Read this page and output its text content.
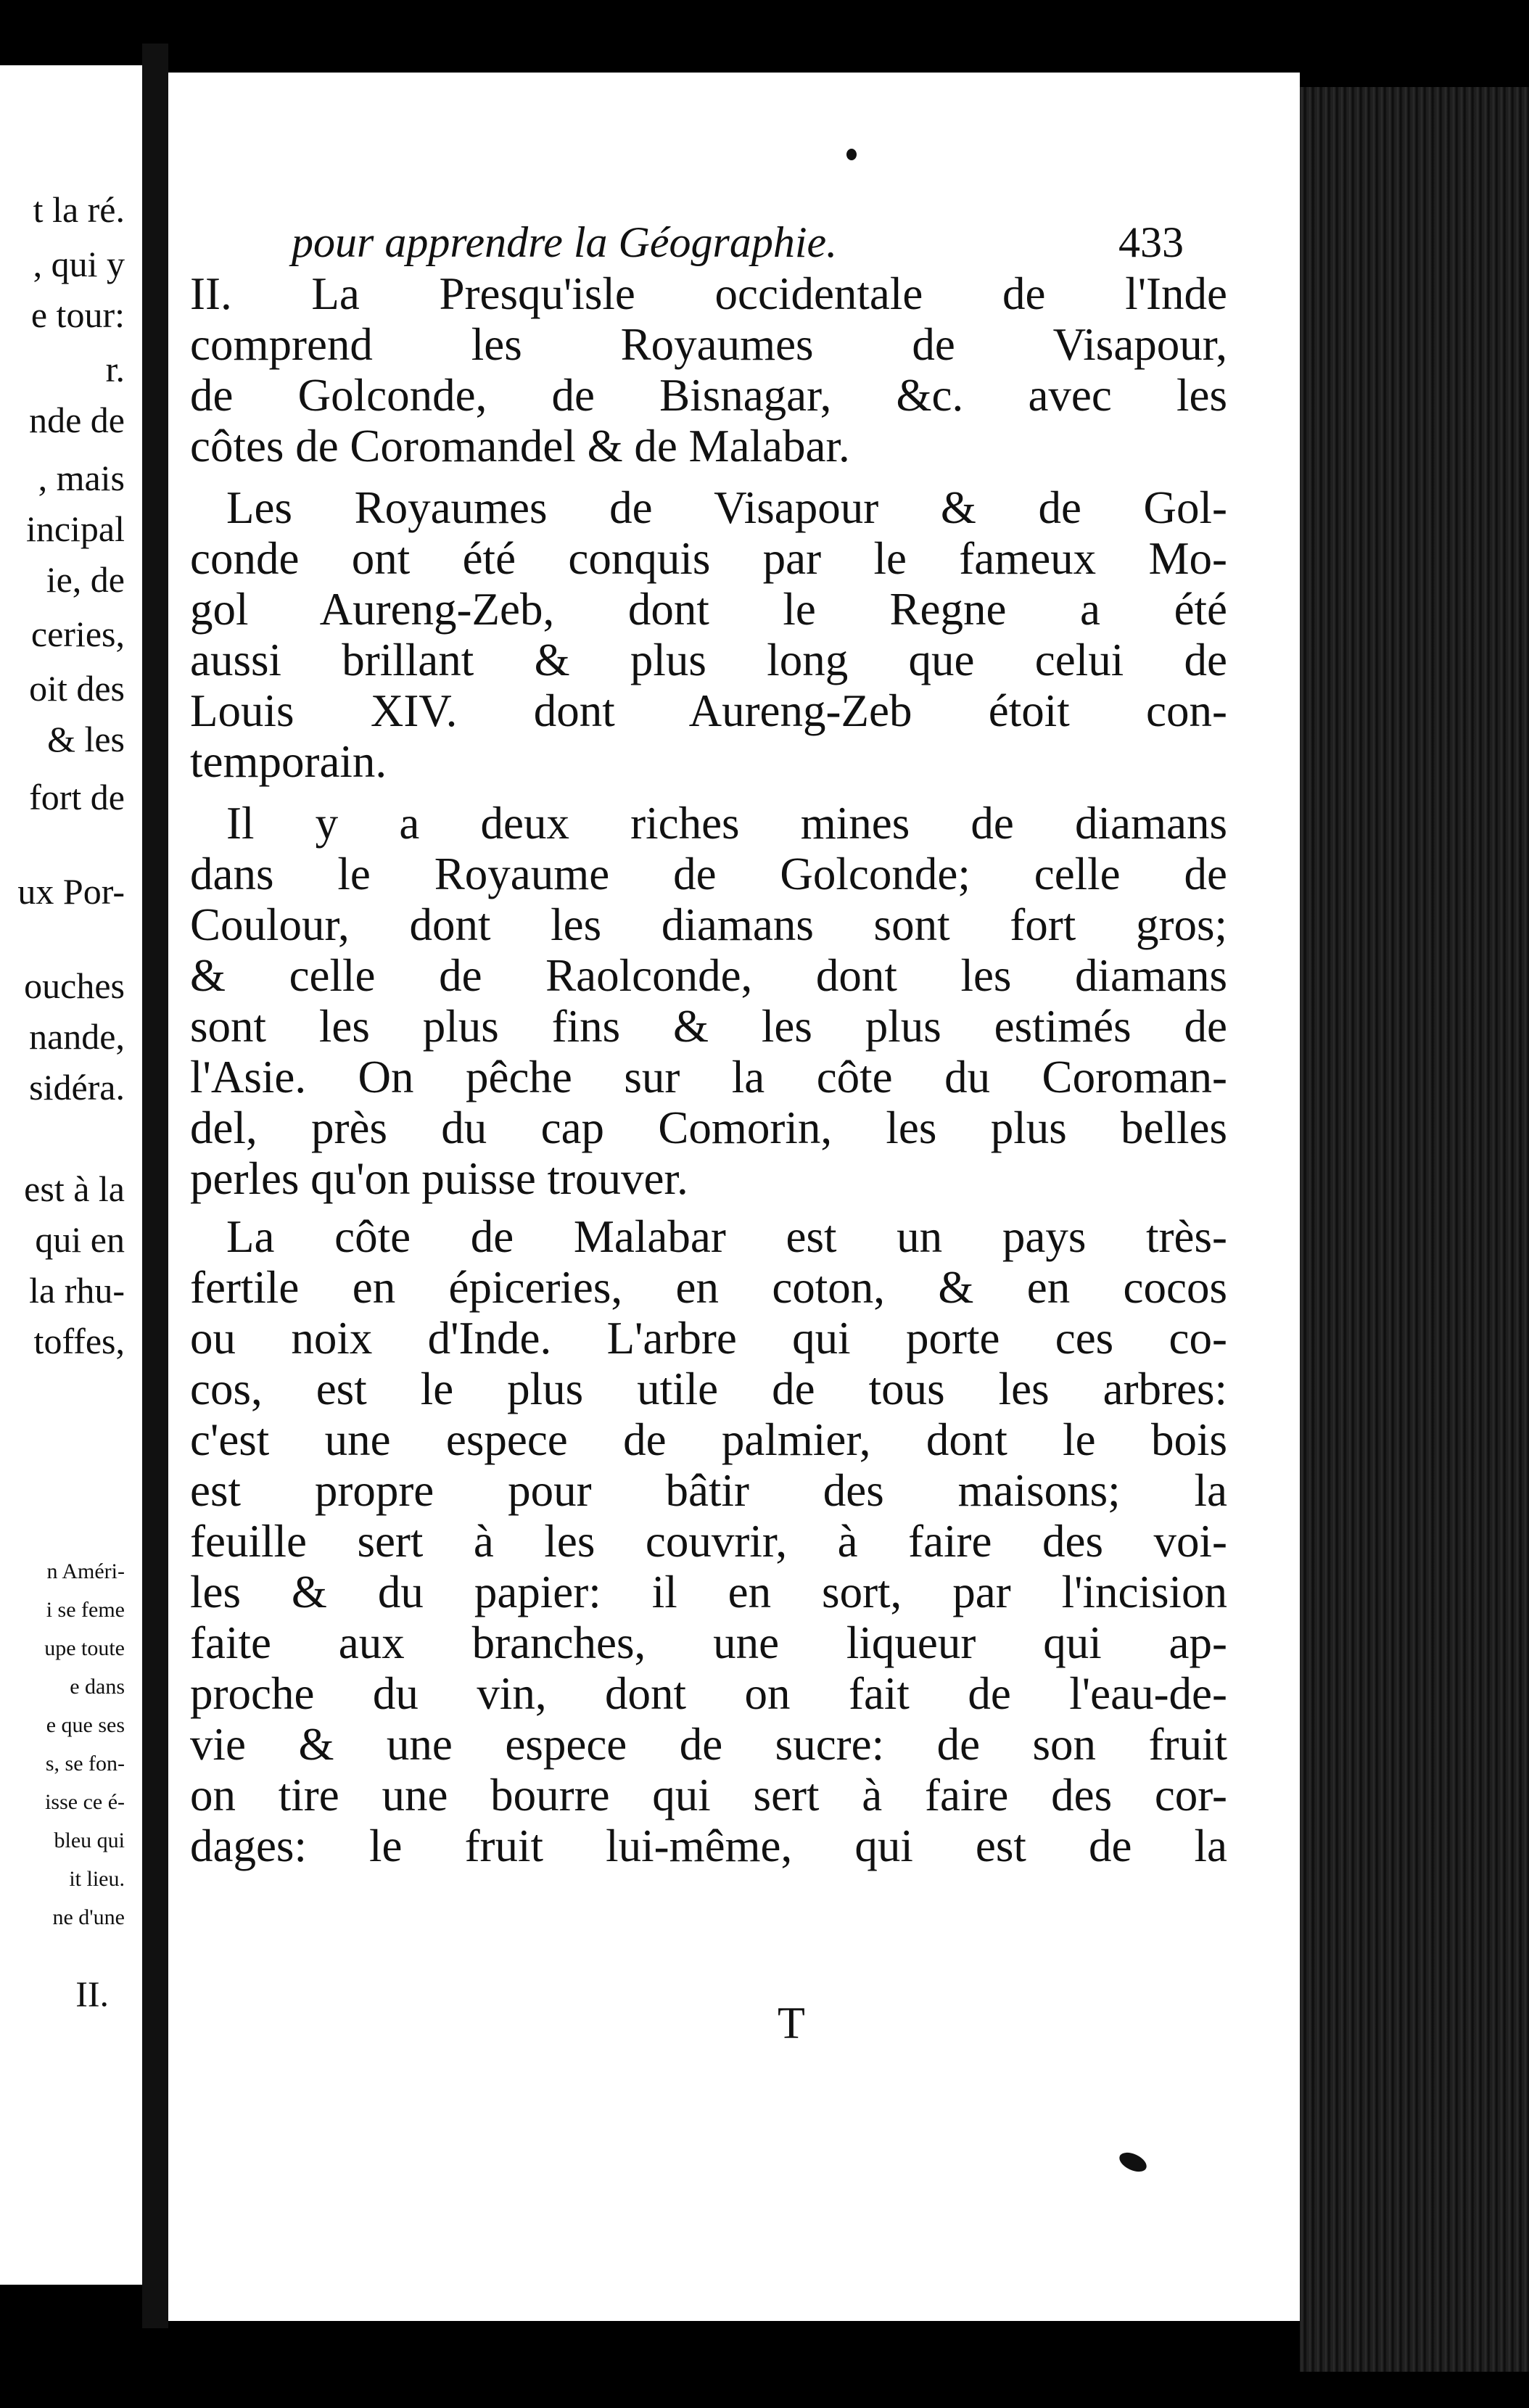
t la ré.
, qui y
e tour:
r.
nde de
, mais
incipal
ie, de
ceries,
oit des
& les
fort de
ux Por-
ouches
nande,
sidéra.
est à la
qui en
la rhu-
toffes,
n Améri-
i se feme
upe toute
e dans
e que ses
s, se fon-
isse ce é-
bleu qui
it lieu.
ne d'une
II.
pour apprendre la Géographie.	433
II. La Presqu'isle occidentale de l'Inde
comprend les Royaumes de Visapour,
de Golconde, de Bisnagar, &c. avec les
côtes de Coromandel & de Malabar.
Les Royaumes de Visapour & de Gol-
conde ont été conquis par le fameux Mo-
gol Aureng-Zeb, dont le Regne a été
aussi brillant & plus long que celui de
Louis XIV. dont Aureng-Zeb étoit con-
temporain.
Il y a deux riches mines de diamans
dans le Royaume de Golconde; celle de
Coulour, dont les diamans sont fort gros;
& celle de Raolconde, dont les diamans
sont les plus fins & les plus estimés de
l'Asie. On pêche sur la côte du Coroman-
del, près du cap Comorin, les plus belles
perles qu'on puisse trouver.
La côte de Malabar est un pays très-
fertile en épiceries, en coton, & en cocos
ou noix d'Inde. L'arbre qui porte ces co-
cos, est le plus utile de tous les arbres:
c'est une espece de palmier, dont le bois
est propre pour bâtir des maisons; la
feuille sert à les couvrir, à faire des voi-
les & du papier: il en sort, par l'incision
faite aux branches, une liqueur qui ap-
proche du vin, dont on fait de l'eau-de-
vie & une espece de sucre: de son fruit
on tire une bourre qui sert à faire des cor-
dages: le fruit lui-même, qui est de la
T
